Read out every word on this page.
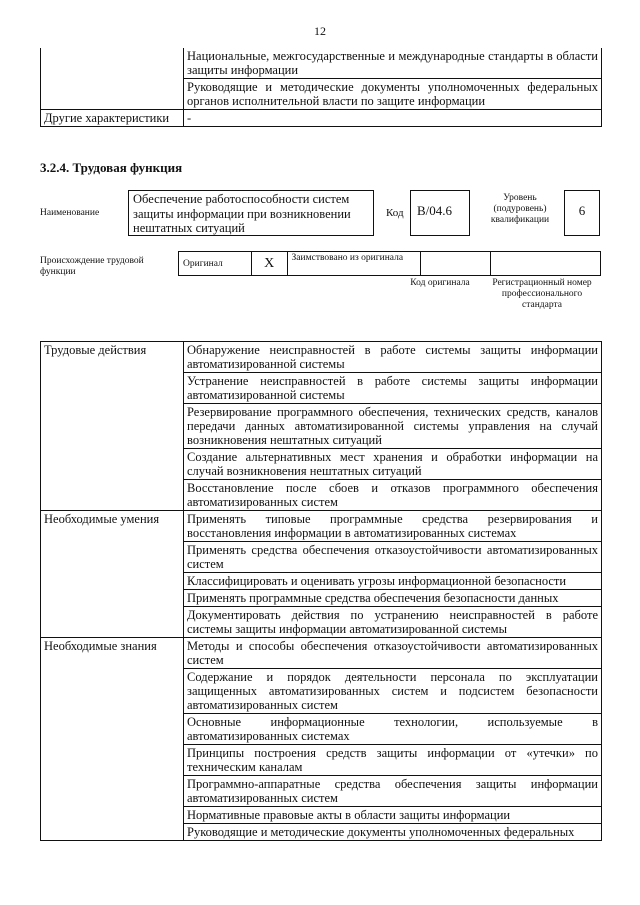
12
	Национальные, межгосударственные и международные стандарты в области защиты информации
	Руководящие и методические документы уполномоченных федеральных органов исполнительной власти по защите информации
Другие характеристики	-
3.2.4. Трудовая функция
Наименование
Обеспечение работоспособности систем защиты информации при возникновении нештатных ситуаций
Код	В/04.6
Уровень (подуровень) квалификации
6
Происхождение трудовой функции
Оригинал	Х	Заимствовано из оригинала		
Код оригинала Регистрационный номер профессионального стандарта
Трудовые действия	Обнаружение неисправностей в работе системы защиты информации автоматизированной системы
	Устранение неисправностей в работе системы защиты информации автоматизированной системы
	Резервирование программного обеспечения, технических средств, каналов передачи данных автоматизированной системы управления на случай возникновения нештатных ситуаций
	Создание альтернативных мест хранения и обработки информации на случай возникновения нештатных ситуаций
	Восстановление после сбоев и отказов программного обеспечения автоматизированных систем
Необходимые умения	Применять типовые программные средства резервирования и восстановления информации в автоматизированных системах
	Применять средства обеспечения отказоустойчивости автоматизированных систем
	Классифицировать и оценивать угрозы информационной безопасности
	Применять программные средства обеспечения безопасности данных
	Документировать действия по устранению неисправностей в работе системы защиты информации автоматизированной системы
Необходимые знания	Методы и способы обеспечения отказоустойчивости автоматизированных систем
	Содержание и порядок деятельности персонала по эксплуатации защищенных автоматизированных систем и подсистем безопасности автоматизированных систем
	Основные информационные технологии, используемые в автоматизированных системах
	Принципы построения средств защиты информации от «утечки» по техническим каналам
	Программно-аппаратные средства обеспечения защиты информации автоматизированных систем
	Нормативные правовые акты в области защиты информации
	Руководящие и методические документы уполномоченных федеральных
